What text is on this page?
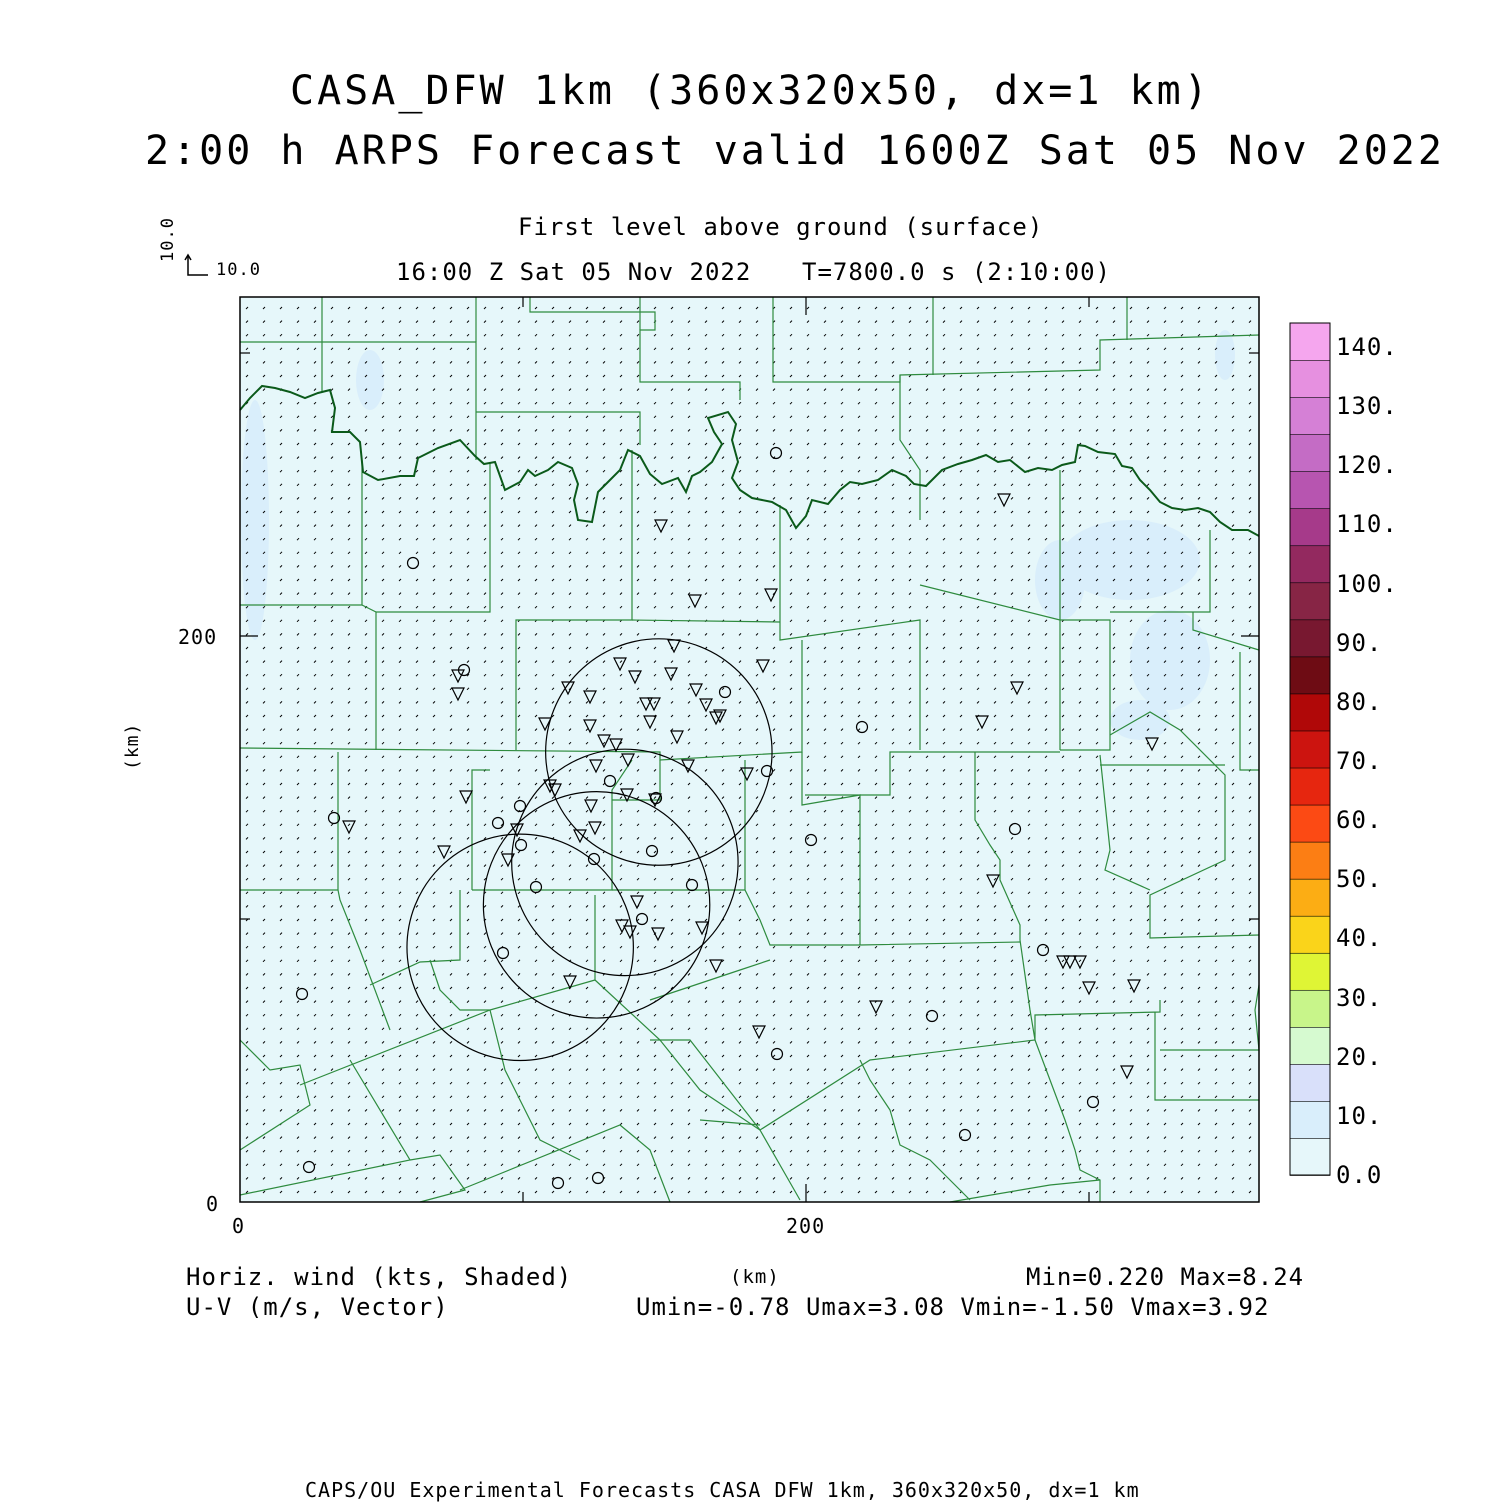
CASA_DFW 1km (360x320x50, dx=1 km)
2:00 h ARPS Forecast valid 1600Z Sat 05 Nov 2022
First level above ground (surface)
16:00 Z Sat 05 Nov 2022 T=7800.0 s (2:10:00)
10.0
10.0
200
0
0	200
(km)
Horiz. wind (kts, Shaded)
U-V (m/s, Vector)
(km)	Min=0.220 Max=8.24
Umin=-0.78 Umax=3.08 Vmin=-1.50 Vmax=3.92
CAPS/OU Experimental Forecasts CASA DFW 1km, 360x320x50, dx=1 km
0.0
10.
20.
30.
40.
50.
60.
70.
80.
90.
100.
110.
120.
130.
140.
